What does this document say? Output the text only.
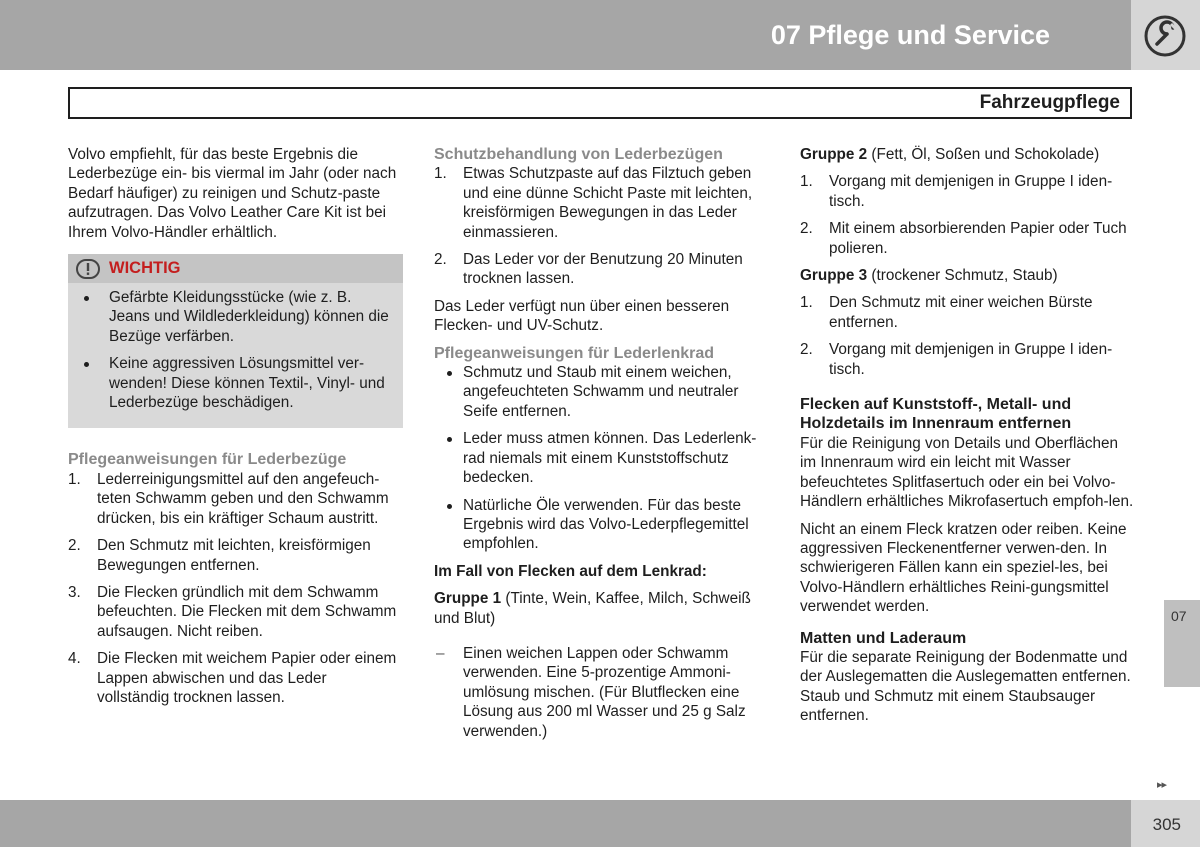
07 Pflege und Service
Fahrzeugpflege

Volvo empfiehlt, für das beste Ergebnis die Lederbezüge ein- bis viermal im Jahr (oder nach Bedarf häufiger) zu reinigen und Schutz-paste aufzutragen. Das Volvo Leather Care Kit ist bei Ihrem Volvo-Händler erhältlich.

WICHTIG
Gefärbte Kleidungsstücke (wie z. B. Jeans und Wildlederkleidung) können die Bezüge verfärben.
Keine aggressiven Lösungsmittel ver-wenden! Diese können Textil-, Vinyl- und Lederbezüge beschädigen.

Pflegeanweisungen für Lederbezüge

1. Lederreinigungsmittel auf den angefeuch-teten Schwamm geben und den Schwamm drücken, bis ein kräftiger Schaum austritt.
2. Den Schmutz mit leichten, kreisförmigen Bewegungen entfernen.
3. Die Flecken gründlich mit dem Schwamm befeuchten. Die Flecken mit dem Schwamm aufsaugen. Nicht reiben.
4. Die Flecken mit weichem Papier oder einem Lappen abwischen und das Leder vollständig trocknen lassen.

Schutzbehandlung von Lederbezügen

1. Etwas Schutzpaste auf das Filztuch geben und eine dünne Schicht Paste mit leichten, kreisförmigen Bewegungen in das Leder einmassieren.
2. Das Leder vor der Benutzung 20 Minuten trocknen lassen.

Das Leder verfügt nun über einen besseren Flecken- und UV-Schutz.

Pflegeanweisungen für Lederlenkrad

Schmutz und Staub mit einem weichen, angefeuchteten Schwamm und neutraler Seife entfernen.
Leder muss atmen können. Das Lederlenk-rad niemals mit einem Kunststoffschutz bedecken.
Natürliche Öle verwenden. Für das beste Ergebnis wird das Volvo-Lederpflegemittel empfohlen.

Im Fall von Flecken auf dem Lenkrad:

Gruppe 1 (Tinte, Wein, Kaffee, Milch, Schweiß und Blut)

– Einen weichen Lappen oder Schwamm verwenden. Eine 5-prozentige Ammoni-umlösung mischen. (Für Blutflecken eine Lösung aus 200 ml Wasser und 25 g Salz verwenden.)

Gruppe 2 (Fett, Öl, Soßen und Schokolade)

1. Vorgang mit demjenigen in Gruppe I iden-tisch.
2. Mit einem absorbierenden Papier oder Tuch polieren.

Gruppe 3 (trockener Schmutz, Staub)

1. Den Schmutz mit einer weichen Bürste entfernen.
2. Vorgang mit demjenigen in Gruppe I iden-tisch.

Flecken auf Kunststoff-, Metall- und Holzdetails im Innenraum entfernen

Für die Reinigung von Details und Oberflächen im Innenraum wird ein leicht mit Wasser befeuchtetes Splitfasertuch oder ein bei Volvo-Händlern erhältliches Mikrofasertuch empfoh-len.

Nicht an einem Fleck kratzen oder reiben. Keine aggressiven Fleckenentferner verwen-den. In schwierigeren Fällen kann ein speziel-les, bei Volvo-Händlern erhältliches Reini-gungsmittel verwendet werden.

Matten und Laderaum

Für die separate Reinigung der Bodenmatte und der Auslegematten die Auslegematten entfernen. Staub und Schmutz mit einem Staubsauger entfernen.

07
▸▸
305
